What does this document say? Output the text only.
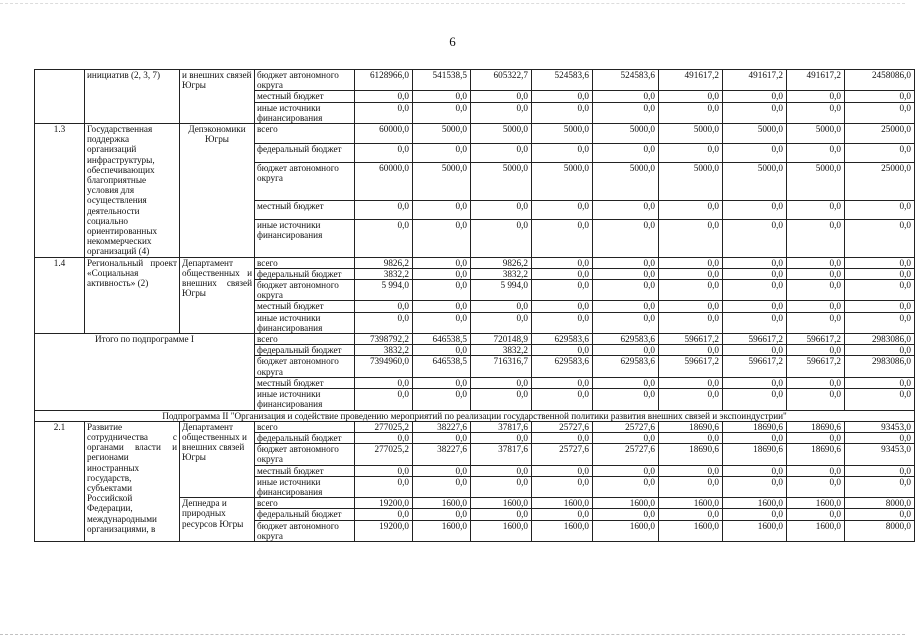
6
	инициатив (2, 3, 7)	и внешних связей Югры	бюджет автономного округа	6128966,0	541538,5	605322,7	524583,6	524583,6	491617,2	491617,2	491617,2	2458086,0
			местный бюджет	0,0	0,0	0,0	0,0	0,0	0,0	0,0	0,0	0,0
			иные источники финансирования	0,0	0,0	0,0	0,0	0,0	0,0	0,0	0,0	0,0
1.3	Государственная поддержка организаций инфраструктуры, обеспечивающих благоприятные условия для осуществления деятельности социально ориентированных некоммерческих организаций (4)	Депэкономики Югры	всего	60000,0	5000,0	5000,0	5000,0	5000,0	5000,0	5000,0	5000,0	25000,0
			федеральный бюджет	0,0	0,0	0,0	0,0	0,0	0,0	0,0	0,0	0,0
			бюджет автономного округа	60000,0	5000,0	5000,0	5000,0	5000,0	5000,0	5000,0	5000,0	25000,0
			местный бюджет	0,0	0,0	0,0	0,0	0,0	0,0	0,0	0,0	0,0
			иные источники финансирования	0,0	0,0	0,0	0,0	0,0	0,0	0,0	0,0	0,0
1.4	Региональный проект «Социальная активность» (2)	Департамент общественных и внешних связей Югры	всего	9826,2	0,0	9826,2	0,0	0,0	0,0	0,0	0,0	0,0
			федеральный бюджет	3832,2	0,0	3832,2	0,0	0,0	0,0	0,0	0,0	0,0
			бюджет автономного округа	5 994,0	0,0	5 994,0	0,0	0,0	0,0	0,0	0,0	0,0
			местный бюджет	0,0	0,0	0,0	0,0	0,0	0,0	0,0	0,0	0,0
			иные источники финансирования	0,0	0,0	0,0	0,0	0,0	0,0	0,0	0,0	0,0
Итого по подпрограмме I			всего	7398792,2	646538,5	720148,9	629583,6	629583,6	596617,2	596617,2	596617,2	2983086,0
			федеральный бюджет	3832,2	0,0	3832,2	0,0	0,0	0,0	0,0	0,0	0,0
			бюджет автономного округа	7394960,0	646538,5	716316,7	629583,6	629583,6	596617,2	596617,2	596617,2	2983086,0
			местный бюджет	0,0	0,0	0,0	0,0	0,0	0,0	0,0	0,0	0,0
			иные источники финансирования	0,0	0,0	0,0	0,0	0,0	0,0	0,0	0,0	0,0
Подпрограмма II "Организация и содействие проведению мероприятий по реализации государственной политики развития внешних связей и экспоиндустрии"												
2.1	Развитие сотрудничества с органами власти и регионами иностранных государств, субъектами Российской Федерации, международными организациями, в	Департамент общественных и внешних связей Югры	всего	277025,2	38227,6	37817,6	25727,6	25727,6	18690,6	18690,6	18690,6	93453,0
			федеральный бюджет	0,0	0,0	0,0	0,0	0,0	0,0	0,0	0,0	0,0
			бюджет автономного округа	277025,2	38227,6	37817,6	25727,6	25727,6	18690,6	18690,6	18690,6	93453,0
			местный бюджет	0,0	0,0	0,0	0,0	0,0	0,0	0,0	0,0	0,0
			иные источники финансирования	0,0	0,0	0,0	0,0	0,0	0,0	0,0	0,0	0,0
		Депнедра и природных ресурсов Югры	всего	19200,0	1600,0	1600,0	1600,0	1600,0	1600,0	1600,0	1600,0	8000,0
			федеральный бюджет	0,0	0,0	0,0	0,0	0,0	0,0	0,0	0,0	0,0
			бюджет автономного округа	19200,0	1600,0	1600,0	1600,0	1600,0	1600,0	1600,0	1600,0	8000,0
